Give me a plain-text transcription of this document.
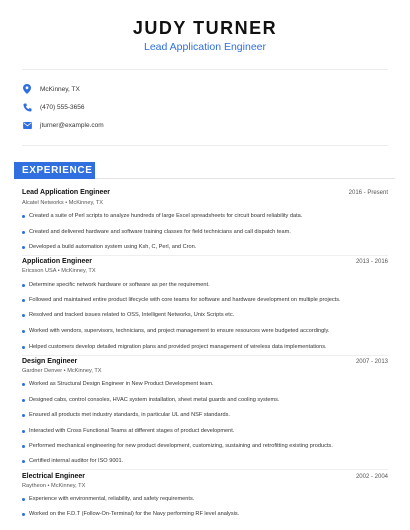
JUDY TURNER
Lead Application Engineer
McKinney, TX
(470) 555-3656
jturner@example.com
EXPERIENCE
Lead Application Engineer	2016 - Present
Alcatel Networks • McKinney, TX
Created a suite of Perl scripts to analyze hundreds of large Excel spreadsheets for circuit board reliability data.
Created and delivered hardware and software training classes for field technicians and call dispatch team.
Developed a build automation system using Ksh, C, Perl, and Cron.
Application Engineer	2013 - 2016
Ericsson USA • McKinney, TX
Determine specific network hardware or software as per the requirement.
Followed and maintained entire product lifecycle with core teams for software and hardware development on multiple projects.
Resolved and tracked issues related to OSS, Intelligent Networks, Unix Scripts etc.
Worked with vendors, supervisors, technicians, and project management to ensure resources were budgeted accordingly.
Helped customers develop detailed migration plans and provided project management of wireless data implementations.
Design Engineer	2007 - 2013
Gardner Denver • McKinney, TX
Worked as Structural Design Engineer in New Product Development team.
Designed cabs, control consoles, HVAC system installation, sheet metal guards and cooling systems.
Ensured all products met industry standards, in particular UL and NSF standards.
Interacted with Cross Functional Teams at different stages of product development.
Performed mechanical engineering for new product development, customizing, sustaining and retrofitting existing products.
Certified internal auditor for ISO 9001.
Electrical Engineer	2002 - 2004
Raytheon • McKinney, TX
Experience with environmental, reliability, and safety requirements.
Worked on the F.D.T (Follow-On-Terminal) for the Navy performing RF level analysis.
